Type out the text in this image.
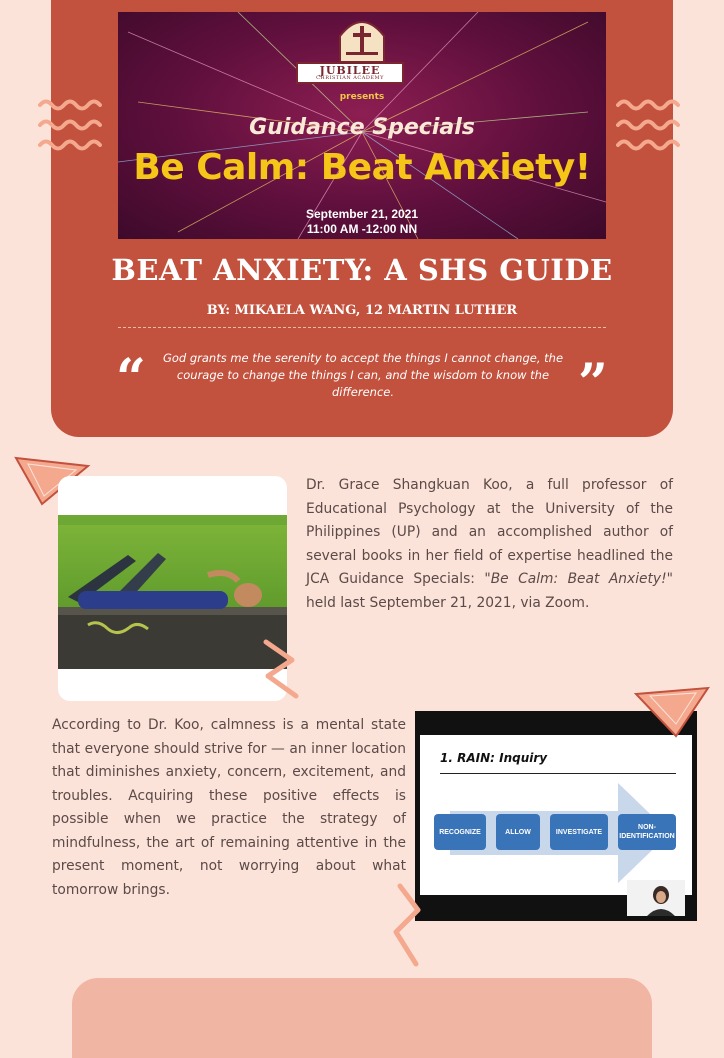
JUBILEE
CHRISTIAN ACADEMY
presents
Guidance Specials
Be Calm: Beat Anxiety!
September 21, 2021
11:00 AM -12:00 NN
BEAT ANXIETY: A SHS GUIDE
BY: MIKAELA WANG, 12 MARTIN LUTHER
“	God grants me the serenity to accept the things I cannot change, the courage to change the things I can, and the wisdom to know the difference.	”

Dr. Grace Shangkuan Koo, a full professor of Educational Psychology at the University of the Philippines (UP) and an accomplished author of several books in her field of expertise headlined the JCA Guidance Specials: "Be Calm: Beat Anxiety!" held last September 21, 2021, via Zoom.

According to Dr. Koo, calmness is a mental state that everyone should strive for — an inner location that diminishes anxiety, concern, excitement, and troubles. Acquiring these positive effects is possible when we practice the strategy of mindfulness, the art of remaining attentive in the present moment, not worrying about what tomorrow brings.

1. RAIN: Inquiry
RECOGNIZE	ALLOW	INVESTIGATE
NON-
IDENTIFICATION
